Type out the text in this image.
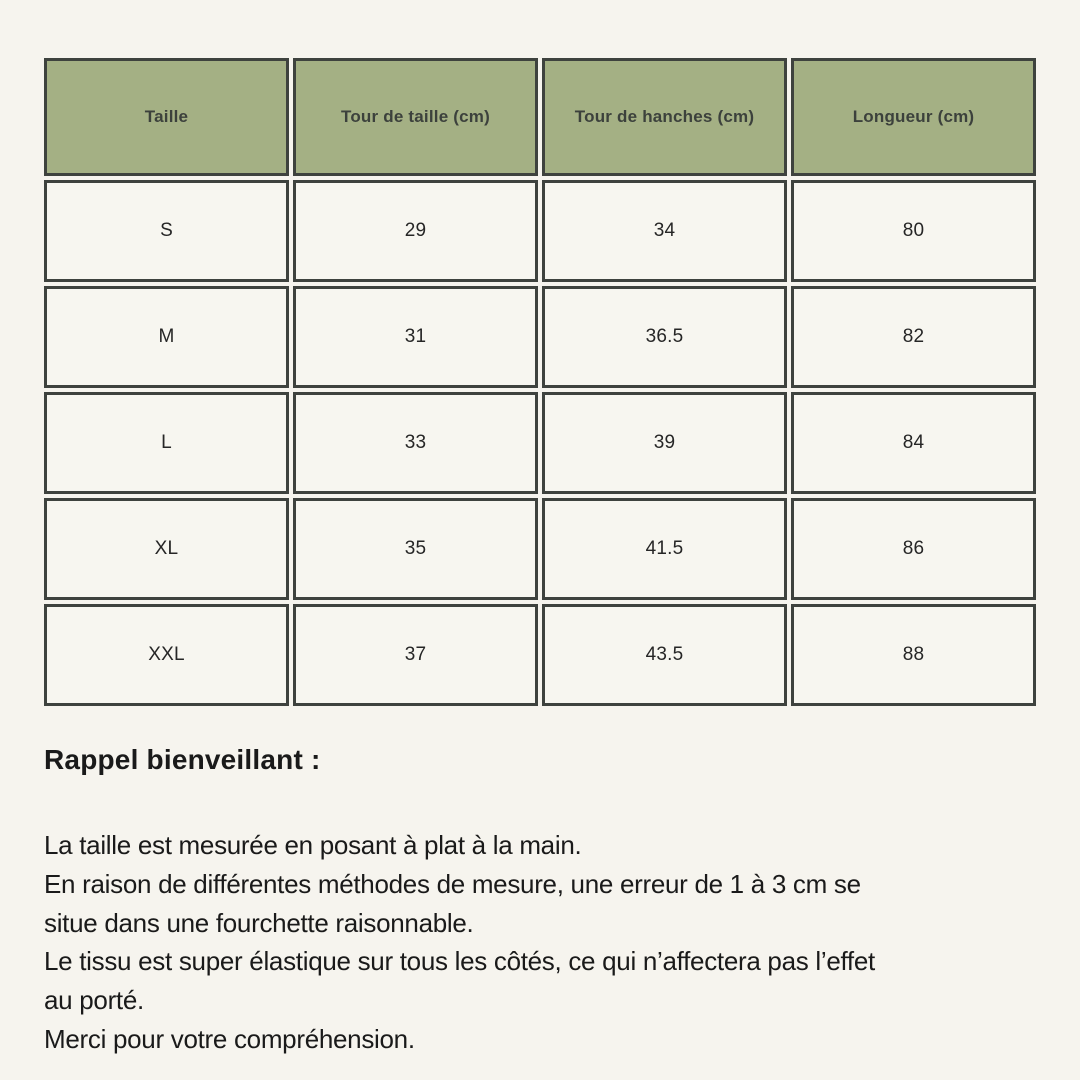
Taille	Tour de taille (cm)	Tour de hanches (cm)	Longueur (cm)
S	29	34	80
M	31	36.5	82
L	33	39	84
XL	35	41.5	86
XXL	37	43.5	88
Rappel bienveillant :
La taille est mesurée en posant à plat à la main.
En raison de différentes méthodes de mesure, une erreur de 1 à 3 cm se
situe dans une fourchette raisonnable.
Le tissu est super élastique sur tous les côtés, ce qui n’affectera pas l’effet
au porté.
Merci pour votre compréhension.
